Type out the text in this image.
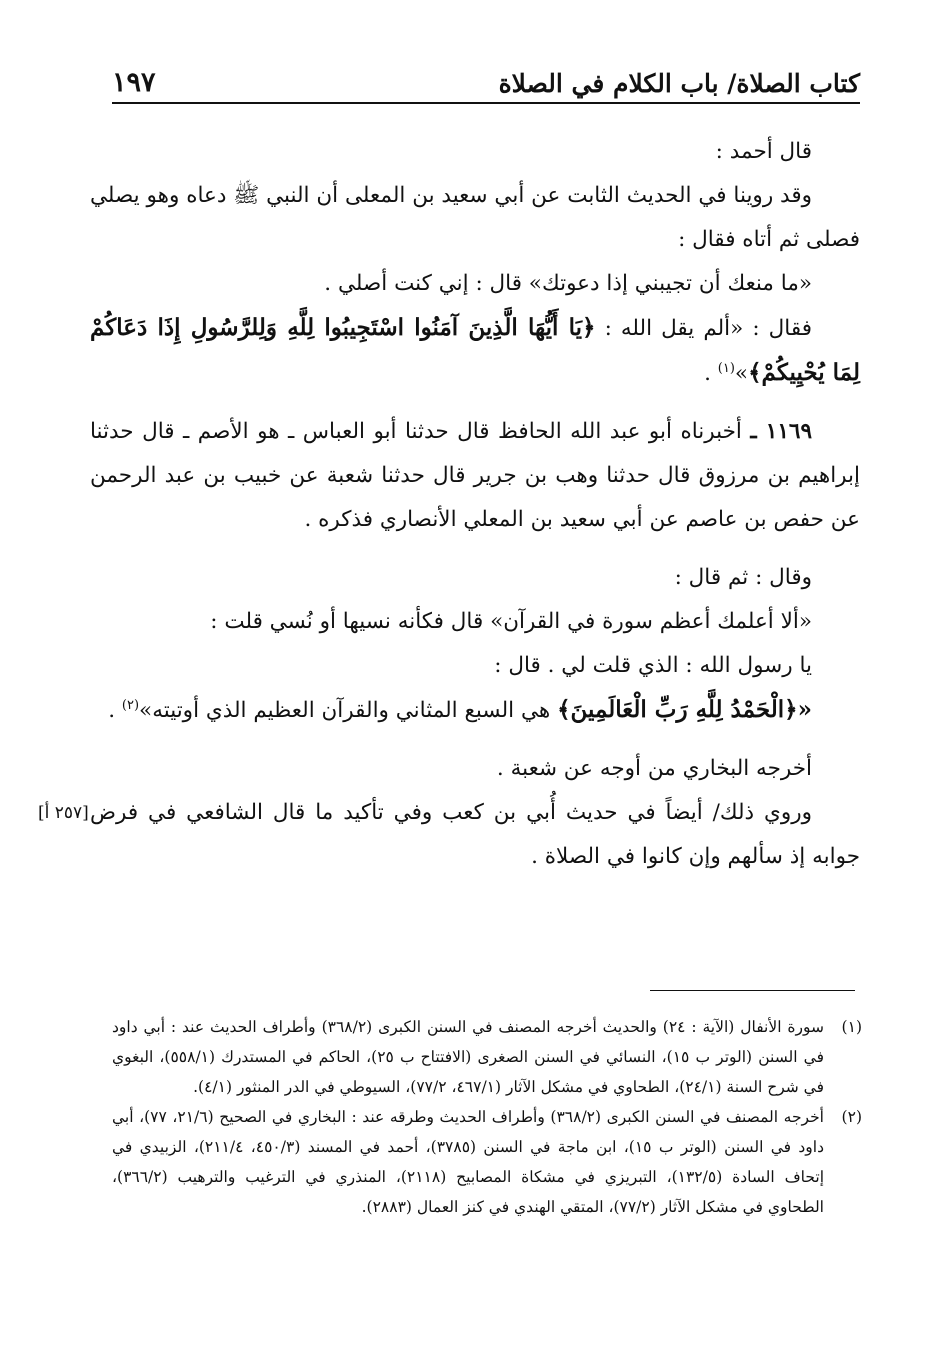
كتاب الصلاة/ باب الكلام في الصلاة
١٩٧

قال أحمد :

وقد روينا في الحديث الثابت عن أبي سعيد بن المعلى أن النبي ﷺ دعاه وهو يصلي فصلى ثم أتاه فقال :

«ما منعك أن تجيبني إذا دعوتك» قال : إني كنت أصلي .

فقال : «ألم يقل الله : ﴿يَا أَيُّهَا الَّذِينَ آمَنُوا اسْتَجِيبُوا لِلَّهِ وَلِلرَّسُولِ إِذَا دَعَاكُمْ لِمَا يُحْيِيكُمْ﴾»$^{(١)}$ .

١١٦٩ ـ أخبرناه أبو عبد الله الحافظ قال حدثنا أبو العباس ـ هو الأصم ـ قال حدثنا إبراهيم بن مرزوق قال حدثنا وهب بن جرير قال حدثنا شعبة عن خبيب بن عبد الرحمن عن حفص بن عاصم عن أبي سعيد بن المعلي الأنصاري فذكره .

وقال : ثم قال :

«ألا أعلمك أعظم سورة في القرآن» قال فكأنه نسيها أو نُسي قلت :

يا رسول الله : الذي قلت لي . قال :

«﴿الْحَمْدُ لِلَّهِ رَبِّ الْعَالَمِينَ﴾ هي السبع المثاني والقرآن العظيم الذي أوتيته»$^{(٢)}$ .

أخرجه البخاري من أوجه عن شعبة .

وروي ذلك/ أيضاً في حديث أُبي بن كعب وفي تأكيد ما قال الشافعي في فرض جوابه إذ سألهم وإن كانوا في الصلاة .
[٢٥٧ أ]

(١)
سورة الأنفال (الآية : ٢٤) والحديث أخرجه المصنف في السنن الكبرى (٣٦٨/٢) وأطراف الحديث عند : أبي داود في السنن (الوتر ب ١٥)، النسائي في السنن الصغرى (الافتتاح ب ٢٥)، الحاكم في المستدرك (٥٥٨/١)، البغوي في شرح السنة (٢٤/١)، الطحاوي في مشكل الآثار (٤٦٧/١، ٧٧/٢)، السيوطي في الدر المنثور (٤/١).
(٢)
أخرجه المصنف في السنن الكبرى (٣٦٨/٢) وأطراف الحديث وطرقه عند : البخاري في الصحيح (٢١/٦، ٧٧)، أبي داود في السنن (الوتر ب ١٥)، ابن ماجة في السنن (٣٧٨٥)، أحمد في المسند (٤٥٠/٣، ٢١١/٤)، الزبيدي في إتحاف السادة (١٣٢/٥)، التبريزي في مشكاة المصابيح (٢١١٨)، المنذري في الترغيب والترهيب (٣٦٦/٢)، الطحاوي في مشكل الآثار (٧٧/٢)، المتقي الهندي في كنز العمال (٢٨٨٣).
